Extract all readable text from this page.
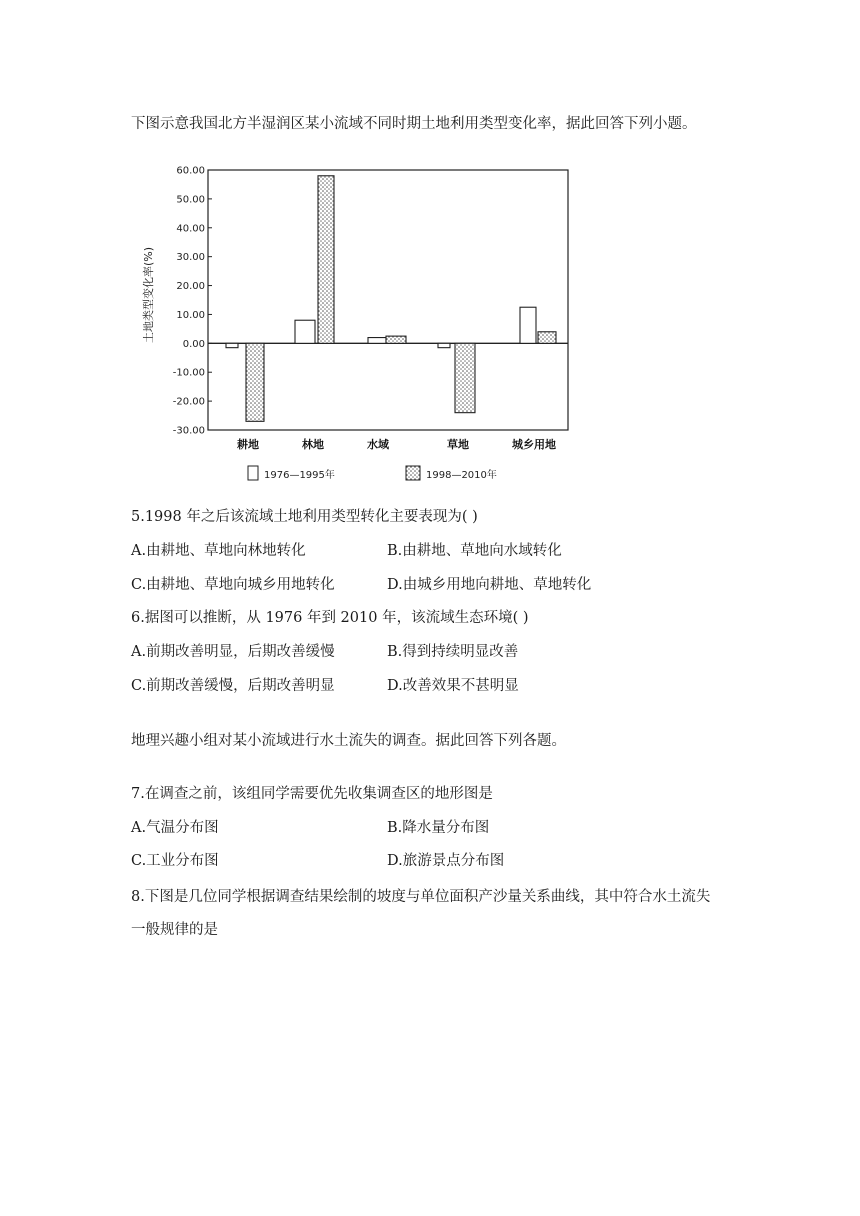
下图示意我国北方半湿润区某小流域不同时期土地利用类型变化率，据此回答下列小题。
土地类型变化率(%)
60.00
50.00
40.00
30.00
20.00
10.00
0.00
-10.00
-20.00
-30.00
耕地	林地	水域	草地	城乡用地
1976—1995年	1998—2010年
5.1998 年之后该流域土地利用类型转化主要表现为( )
A.由耕地、草地向林地转化	B.由耕地、草地向水域转化
C.由耕地、草地向城乡用地转化	D.由城乡用地向耕地、草地转化
6.据图可以推断，从 1976 年到 2010 年，该流域生态环境( )
A.前期改善明显，后期改善缓慢	B.得到持续明显改善
C.前期改善缓慢，后期改善明显	D.改善效果不甚明显
地理兴趣小组对某小流域进行水土流失的调查。据此回答下列各题。
7.在调查之前，该组同学需要优先收集调查区的地形图是
A.气温分布图	B.降水量分布图
C.工业分布图	D.旅游景点分布图
8.下图是几位同学根据调查结果绘制的坡度与单位面积产沙量关系曲线，其中符合水土流失
一般规律的是
